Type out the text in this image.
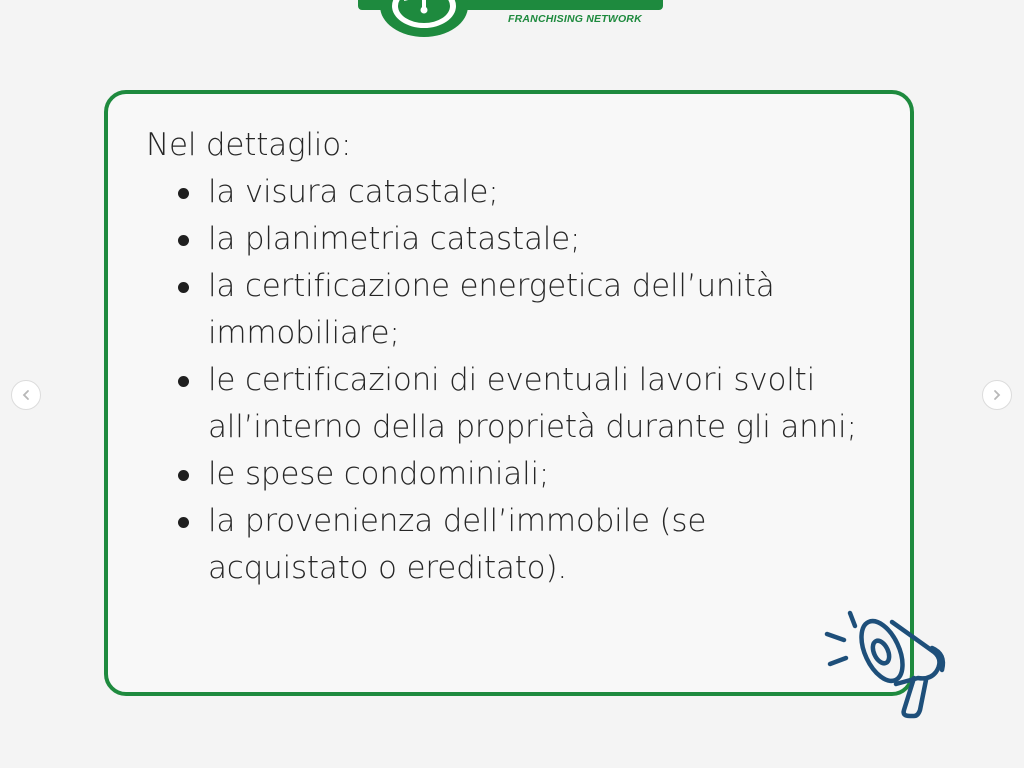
FRANCHISING NETWORK

Nel dettaglio:

la visura catastale;
la planimetria catastale;
la certificazione energetica dell’unità immobiliare;
le certificazioni di eventuali lavori svolti all’interno della proprietà durante gli anni;
le spese condominiali;
la provenienza dell’immobile (se acquistato o ereditato).
